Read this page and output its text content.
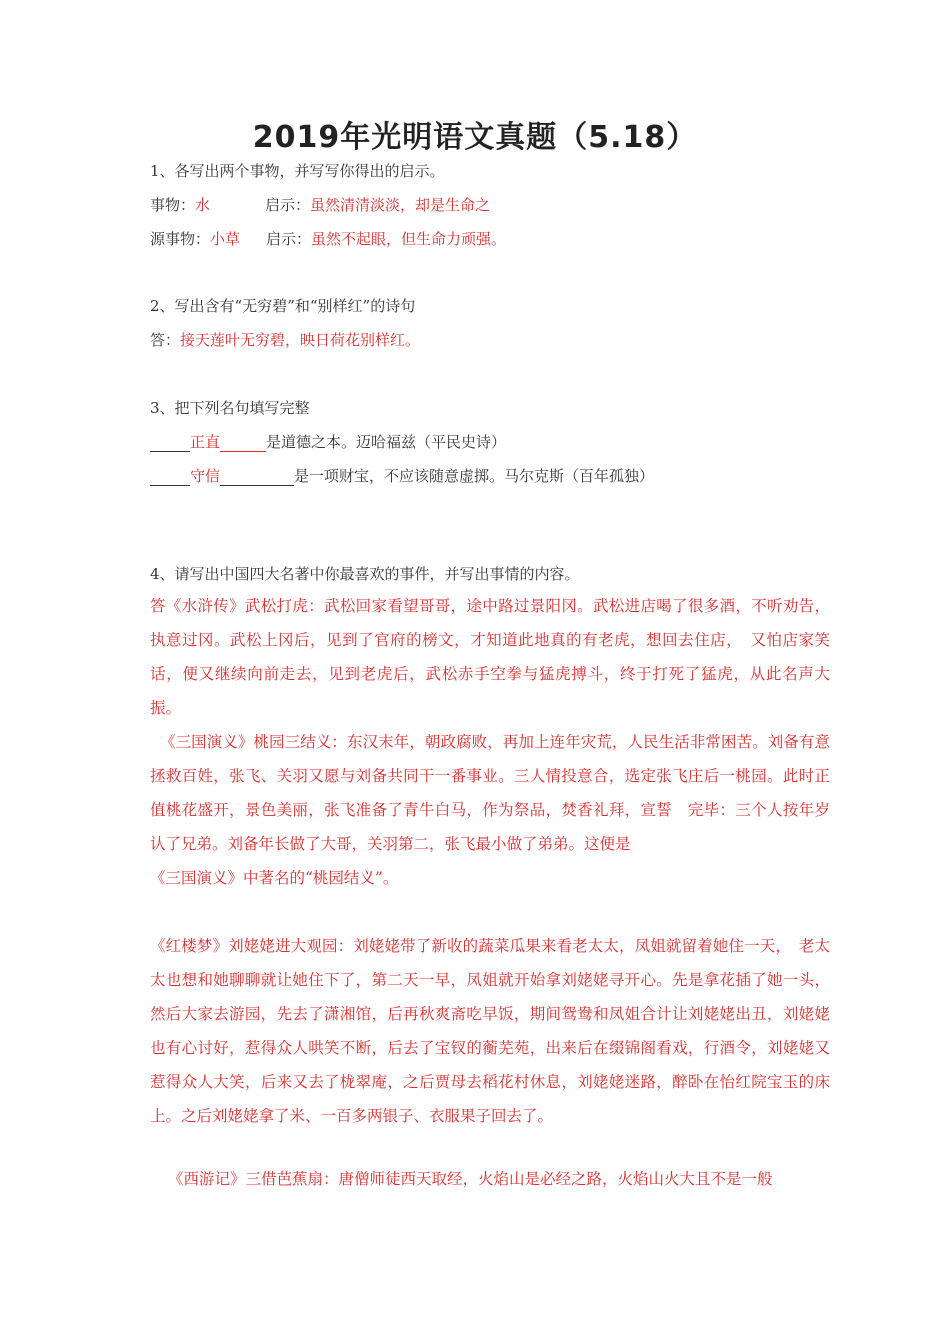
2019年光明语文真题（5.18）
1、各写出两个事物，并写写你得出的启示。
事物：水	启示：虽然清清淡淡，却是生命之
源事物：小草 启示：虽然不起眼，但生命力顽强。
2、写出含有“无穷碧”和“别样红”的诗句
答：接天莲叶无穷碧，映日荷花别样红。
3、把下列名句填写完整
正直	是道德之本。迈哈福兹（平民史诗）
守信	是一项财宝，不应该随意虚掷。马尔克斯（百年孤独）
4、请写出中国四大名著中你最喜欢的事件，并写出事情的内容。
答《水浒传》武松打虎：武松回家看望哥哥，途中路过景阳冈。武松进店喝了很多酒，不听劝告，执意过冈。武松上冈后，见到了官府的榜文，才知道此地真的有老虎，想回去住店，　又怕店家笑话，便又继续向前走去，见到老虎后，武松赤手空拳与猛虎搏斗，终于打死了猛虎，从此名声大振。
《三国演义》桃园三结义：东汉末年，朝政腐败，再加上连年灾荒，人民生活非常困苦。刘备有意拯救百姓，张飞、关羽又愿与刘备共同干一番事业。三人情投意合，选定张飞庄后一桃园。此时正值桃花盛开，景色美丽，张飞准备了青牛白马，作为祭品，焚香礼拜，宣誓　完毕：三个人按年岁认了兄弟。刘备年长做了大哥，关羽第二，张飞最小做了弟弟。这便是
《三国演义》中著名的“桃园结义”。
《红楼梦》刘姥姥进大观园：刘姥姥带了新收的蔬菜瓜果来看老太太，凤姐就留着她住一天，　老太太也想和她聊聊就让她住下了，第二天一早，凤姐就开始拿刘姥姥寻开心。先是拿花插了她一头，然后大家去游园，先去了潇湘馆，后再秋爽斋吃早饭，期间鸳鸯和凤姐合计让刘姥姥出丑，刘姥姥也有心讨好，惹得众人哄笑不断，后去了宝钗的蘅芜苑，出来后在缀锦阁看戏，行酒令，刘姥姥又惹得众人大笑，后来又去了栊翠庵，之后贾母去稻花村休息，刘姥姥迷路，醉卧在怡红院宝玉的床上。之后刘姥姥拿了米、一百多两银子、衣服果子回去了。
《西游记》三借芭蕉扇：唐僧师徒西天取经，火焰山是必经之路，火焰山火大且不是一般
